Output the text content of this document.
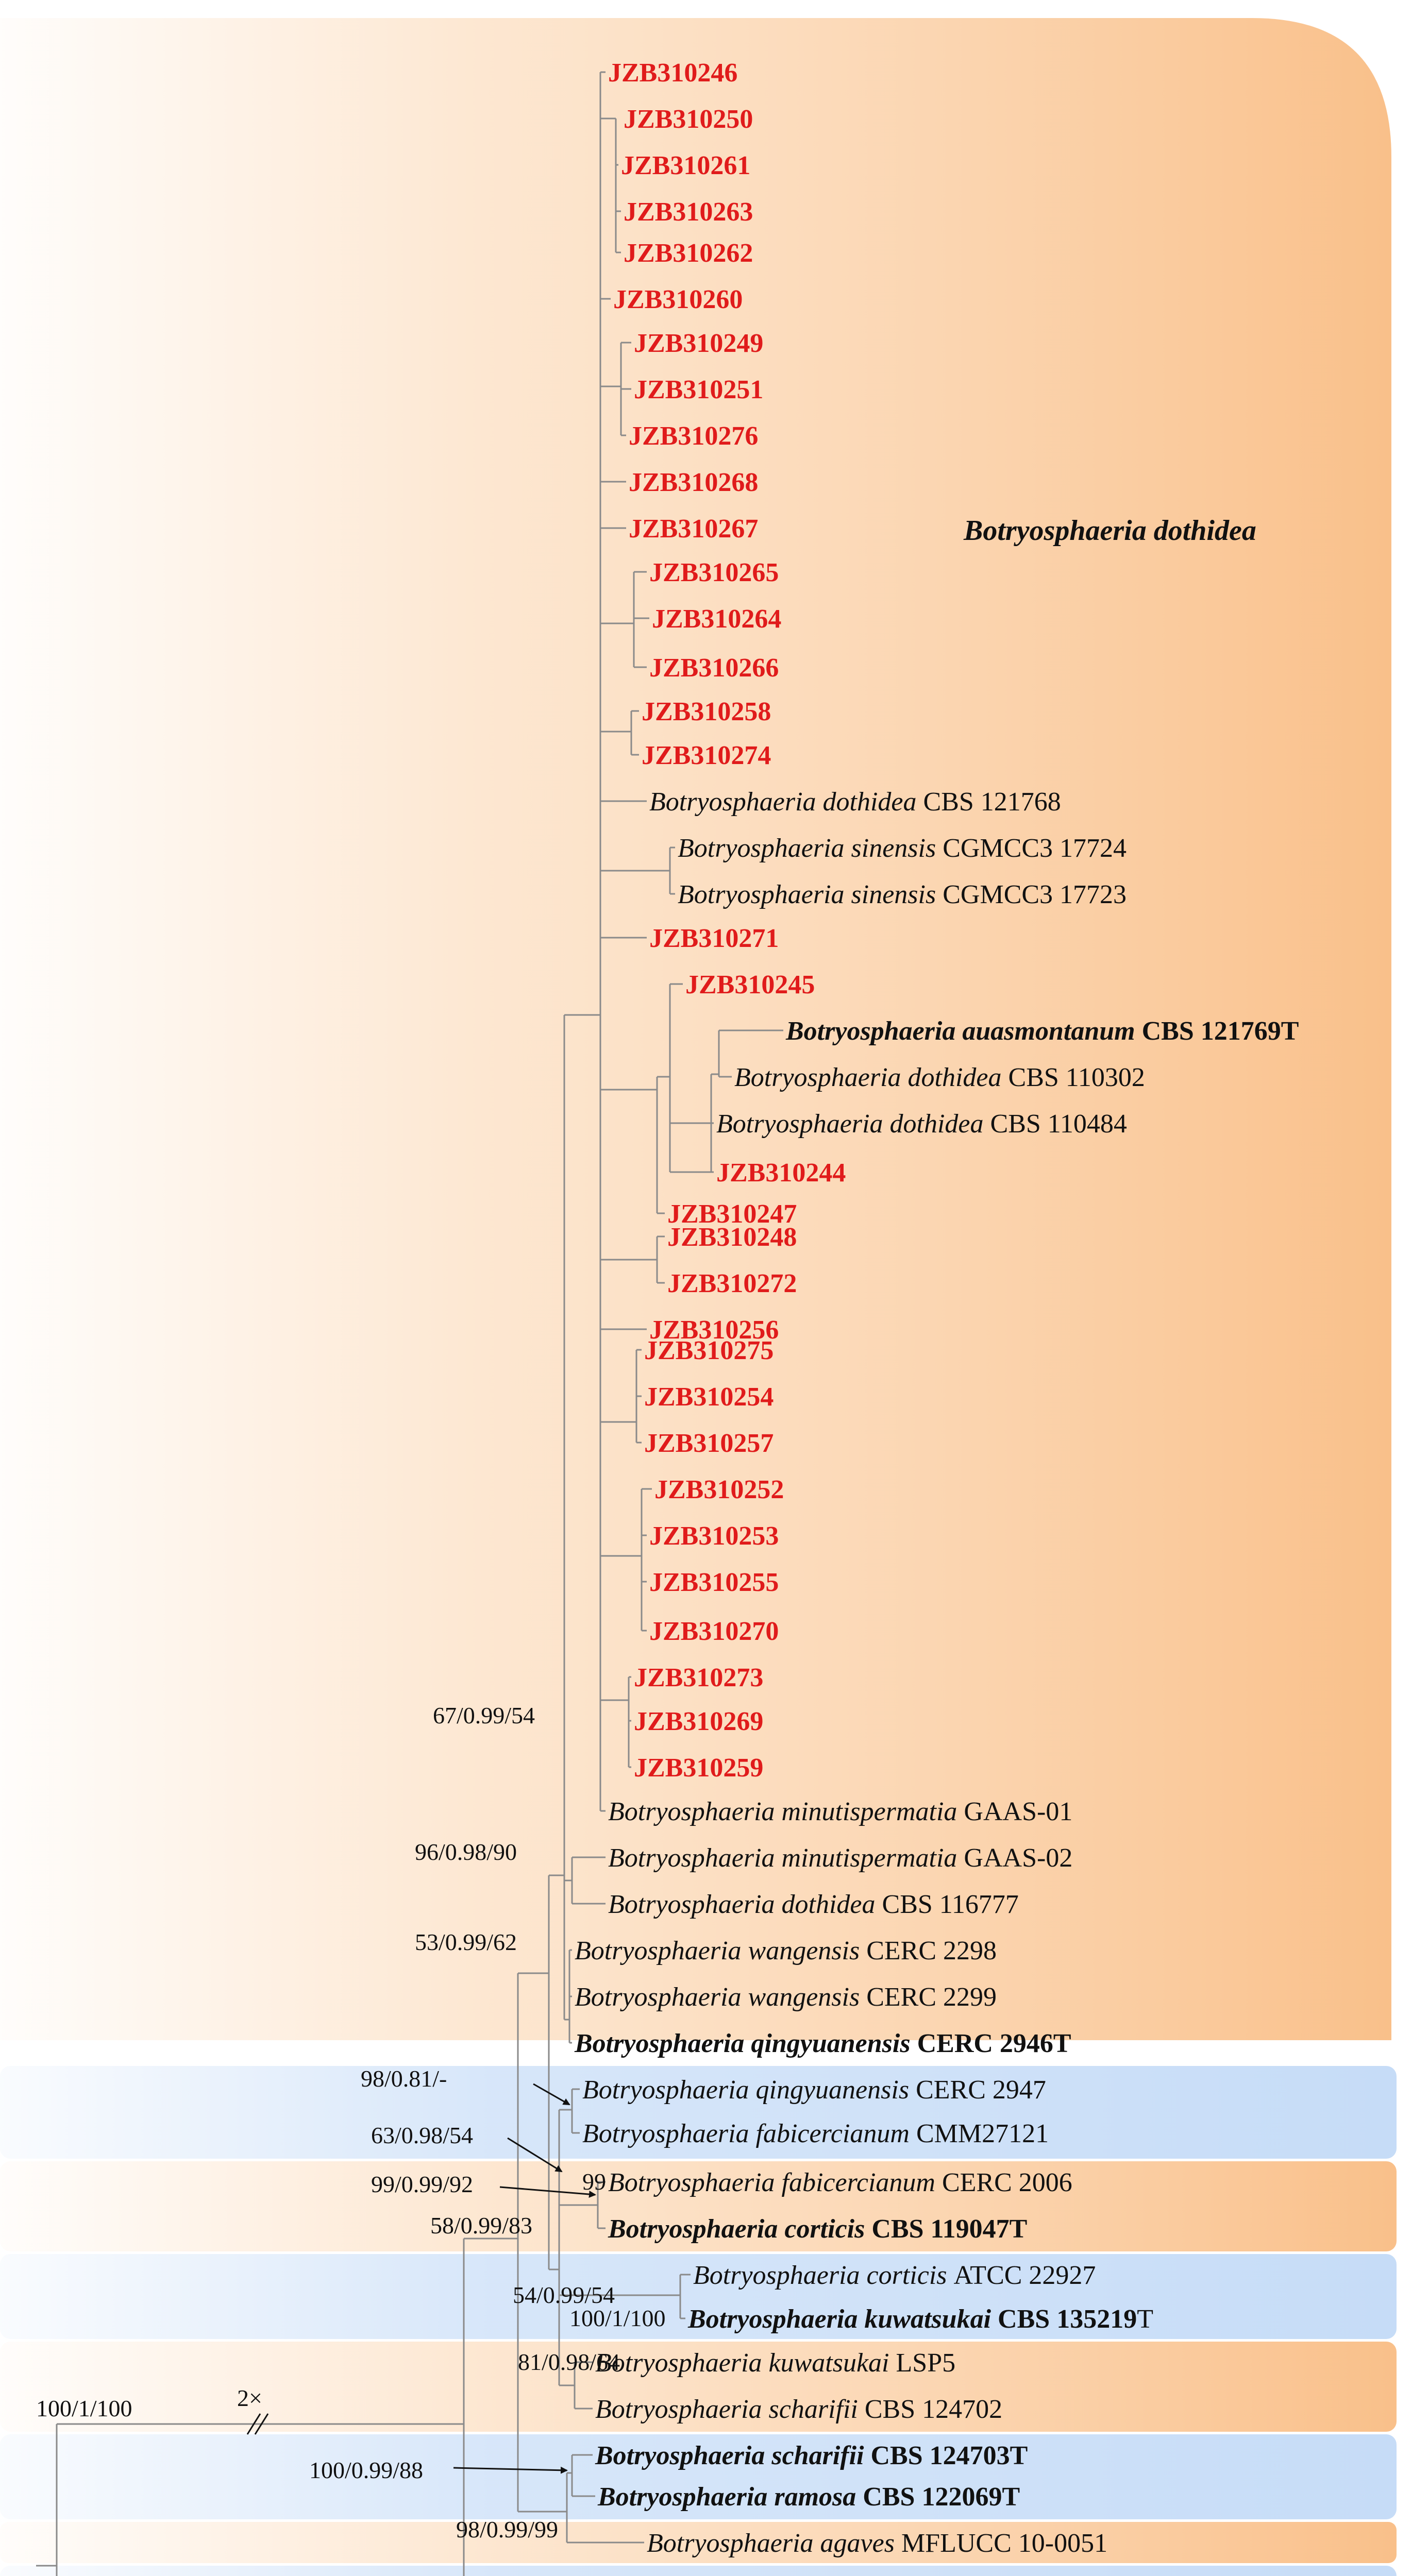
Botryosphaeria dothidea
2×
JZB310246
JZB310250
JZB310261
JZB310263
JZB310262
JZB310260
JZB310249
JZB310251
JZB310276
JZB310268
JZB310267
JZB310265
JZB310264
JZB310266
JZB310258
JZB310274
Botryosphaeria dothidea CBS 121768
Botryosphaeria sinensis CGMCC3 17724
Botryosphaeria sinensis CGMCC3 17723
JZB310271
JZB310245
Botryosphaeria auasmontanum CBS 121769T
Botryosphaeria dothidea CBS 110302
Botryosphaeria dothidea CBS 110484
JZB310244
JZB310247
JZB310248
JZB310272
JZB310256
JZB310275
JZB310254
JZB310257
JZB310252
JZB310253
JZB310255
JZB310270
JZB310273
JZB310269
JZB310259
Botryosphaeria minutispermatia GAAS-01
Botryosphaeria minutispermatia GAAS-02
Botryosphaeria dothidea CBS 116777
Botryosphaeria wangensis CERC 2298
Botryosphaeria wangensis CERC 2299
Botryosphaeria qingyuanensis CERC 2946T
Botryosphaeria qingyuanensis CERC 2947
Botryosphaeria fabicercianum CMM27121
Botryosphaeria fabicercianum CERC 2006
Botryosphaeria corticis CBS 119047T
Botryosphaeria corticis ATCC 22927
Botryosphaeria kuwatsukai CBS 135219T
Botryosphaeria kuwatsukai LSP5
Botryosphaeria scharifii CBS 124702
Botryosphaeria scharifii CBS 124703T
Botryosphaeria ramosa CBS 122069T
Botryosphaeria agaves MFLUCC 10-0051
67/0.99/54
96/0.98/90
53/0.99/62
98/0.81/-
63/0.98/54
99/0.99/92	99
58/0.99/83
54/0.99/54
100/1/100
81/0.98/64
100/1/100
100/0.99/88
98/0.99/99
